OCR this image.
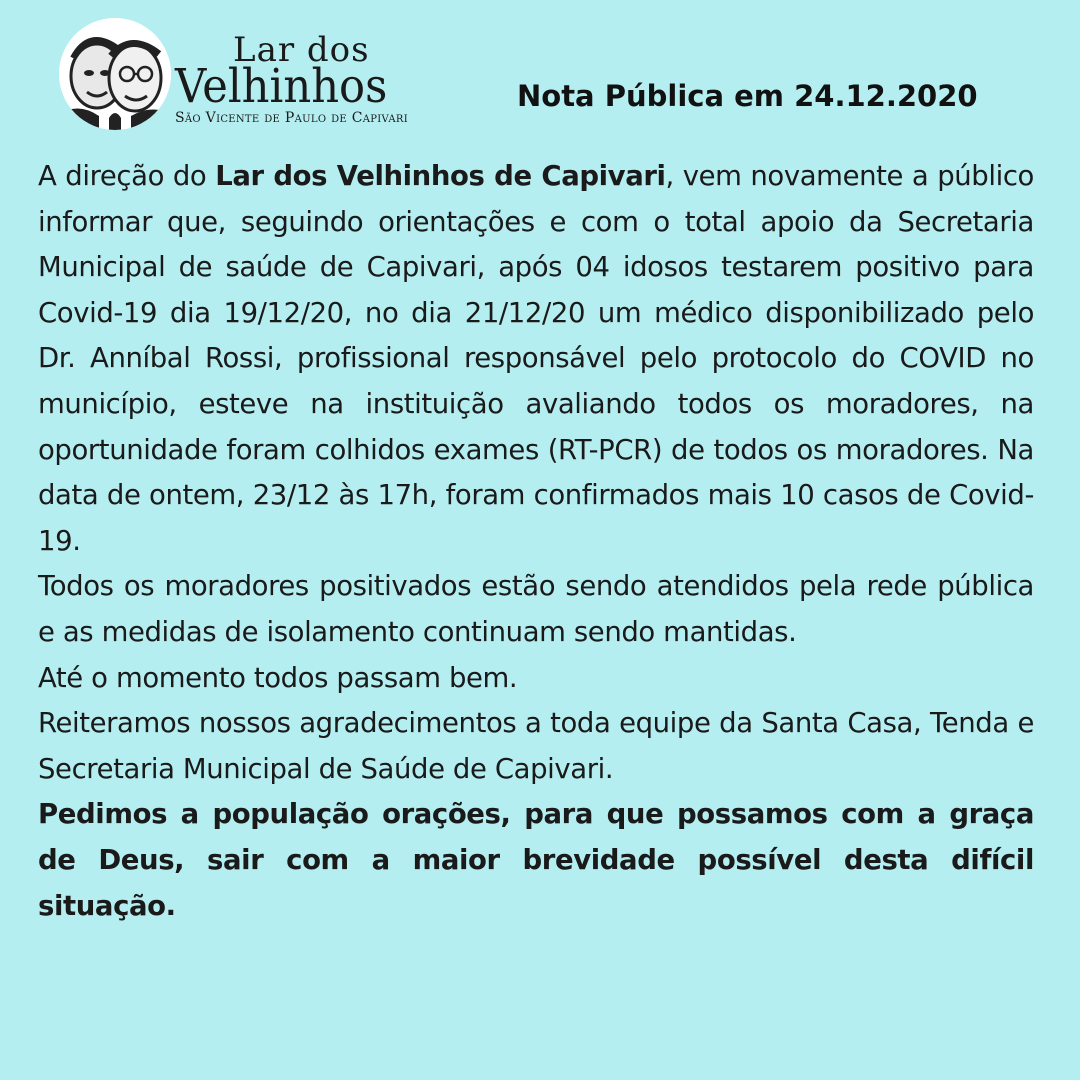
Lar dos
Velhinhos
São Vicente de Paulo de Capivari
Nota Pública em 24.12.2020

A direção do Lar dos Velhinhos de Capivari, vem novamente a público informar que, seguindo orientações e com o total apoio da Secretaria Municipal de saúde de Capivari, após 04 idosos testarem positivo para Covid-19 dia 19/12/20, no dia 21/12/20 um médico disponibilizado pelo Dr. Anníbal Rossi, profissional responsável pelo protocolo do COVID no município, esteve na instituição avaliando todos os moradores, na oportunidade foram colhidos exames (RT-PCR) de todos os moradores. Na data de ontem, 23/12 às 17h, foram confirmados mais 10 casos de Covid-19.

Todos os moradores positivados estão sendo atendidos pela rede pública e as medidas de isolamento continuam sendo mantidas.

Até o momento todos passam bem.

Reiteramos nossos agradecimentos a toda equipe da Santa Casa, Tenda e Secretaria Municipal de Saúde de Capivari.

Pedimos a população orações, para que possamos com a graça de Deus, sair com a maior brevidade possível desta difícil situação.
